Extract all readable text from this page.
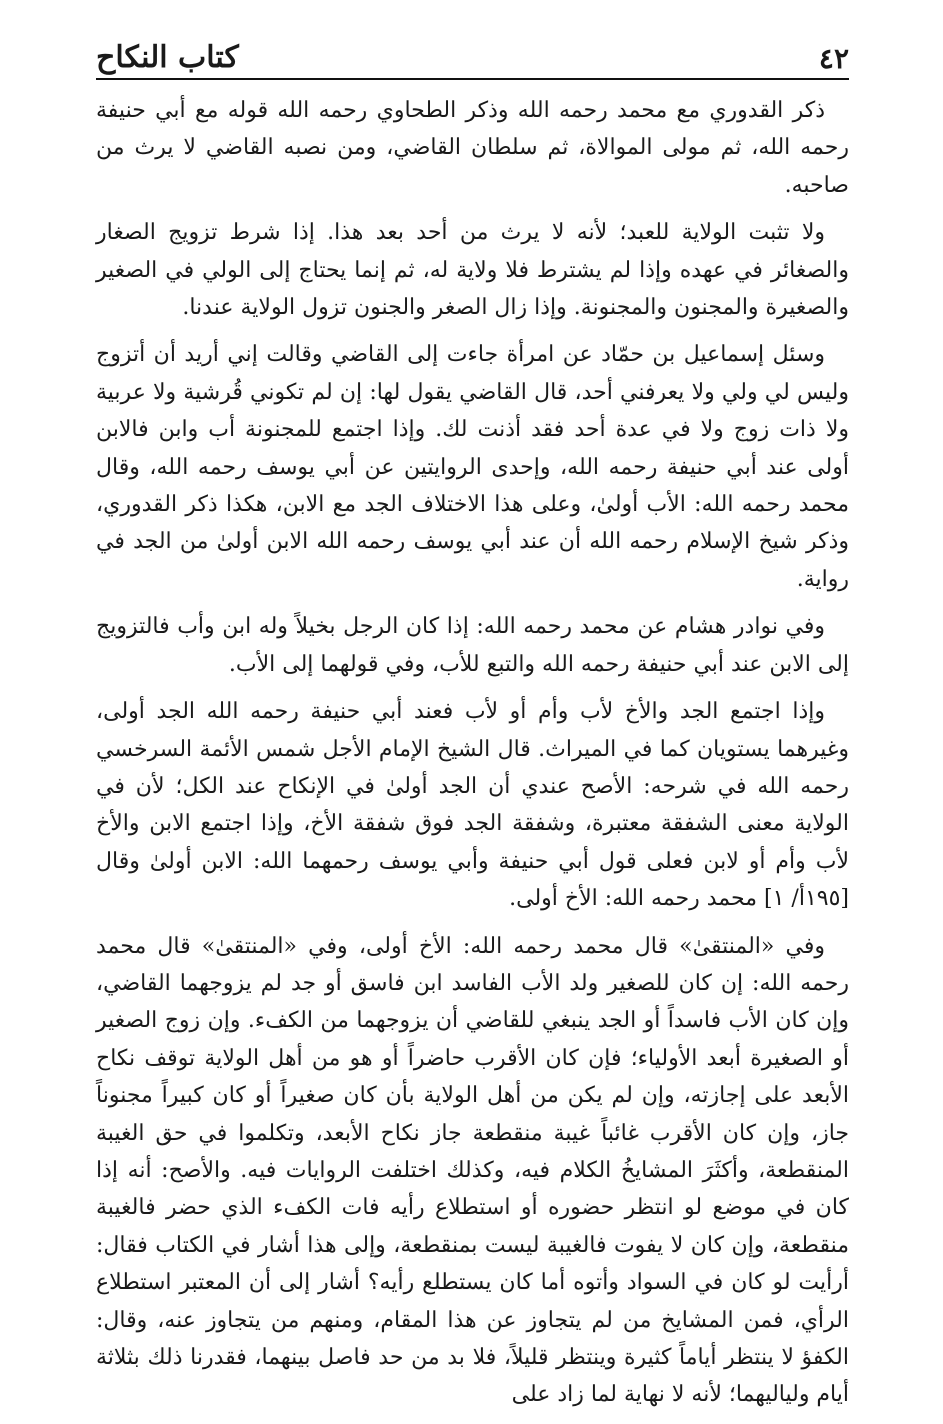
٤٢
كتاب النكاح

ذكر القدوري مع محمد رحمه الله وذكر الطحاوي رحمه الله قوله مع أبي حنيفة رحمه الله، ثم مولى الموالاة، ثم سلطان القاضي، ومن نصبه القاضي لا يرث من صاحبه.

ولا تثبت الولاية للعبد؛ لأنه لا يرث من أحد بعد هذا. إذا شرط تزويج الصغار والصغائر في عهده وإذا لم يشترط فلا ولاية له، ثم إنما يحتاج إلى الولي في الصغير والصغيرة والمجنون والمجنونة. وإذا زال الصغر والجنون تزول الولاية عندنا.

وسئل إسماعيل بن حمّاد عن امرأة جاءت إلى القاضي وقالت إني أريد أن أتزوج وليس لي ولي ولا يعرفني أحد، قال القاضي يقول لها: إن لم تكوني قُرشية ولا عربية ولا ذات زوج ولا في عدة أحد فقد أذنت لك. وإذا اجتمع للمجنونة أب وابن فالابن أولى عند أبي حنيفة رحمه الله، وإحدى الروايتين عن أبي يوسف رحمه الله، وقال محمد رحمه الله: الأب أولىٰ، وعلى هذا الاختلاف الجد مع الابن، هكذا ذكر القدوري، وذكر شيخ الإسلام رحمه الله أن عند أبي يوسف رحمه الله الابن أولىٰ من الجد في رواية.

وفي نوادر هشام عن محمد رحمه الله: إذا كان الرجل بخيلاً وله ابن وأب فالتزويج إلى الابن عند أبي حنيفة رحمه الله والتبع للأب، وفي قولهما إلى الأب.

وإذا اجتمع الجد والأخ لأب وأم أو لأب فعند أبي حنيفة رحمه الله الجد أولى، وغيرهما يستويان كما في الميراث. قال الشيخ الإمام الأجل شمس الأئمة السرخسي رحمه الله في شرحه: الأصح عندي أن الجد أولىٰ في الإنكاح عند الكل؛ لأن في الولاية معنى الشفقة معتبرة، وشفقة الجد فوق شفقة الأخ، وإذا اجتمع الابن والأخ لأب وأم أو لابن فعلى قول أبي حنيفة وأبي يوسف رحمهما الله: الابن أولىٰ وقال [١٩٥أ/ ١] محمد رحمه الله: الأخ أولى.

وفي «المنتقىٰ» قال محمد رحمه الله: الأخ أولى، وفي «المنتقىٰ» قال محمد رحمه الله: إن كان للصغير ولد الأب الفاسد ابن فاسق أو جد لم يزوجهما القاضي، وإن كان الأب فاسداً أو الجد ينبغي للقاضي أن يزوجهما من الكفء. وإن زوج الصغير أو الصغيرة أبعد الأولياء؛ فإن كان الأقرب حاضراً أو هو من أهل الولاية توقف نكاح الأبعد على إجازته، وإن لم يكن من أهل الولاية بأن كان صغيراً أو كان كبيراً مجنوناً جاز، وإن كان الأقرب غائباً غيبة منقطعة جاز نكاح الأبعد، وتكلموا في حق الغيبة المنقطعة، وأكثَرَ المشايخُ الكلام فيه، وكذلك اختلفت الروايات فيه. والأصح: أنه إذا كان في موضع لو انتظر حضوره أو استطلاع رأيه فات الكفء الذي حضر فالغيبة منقطعة، وإن كان لا يفوت فالغيبة ليست بمنقطعة، وإلى هذا أشار في الكتاب فقال: أرأيت لو كان في السواد وأتوه أما كان يستطلع رأيه؟ أشار إلى أن المعتبر استطلاع الرأي، فمن المشايخ من لم يتجاوز عن هذا المقام، ومنهم من يتجاوز عنه، وقال: الكفؤ لا ينتظر أياماً كثيرة وينتظر قليلاً، فلا بد من حد فاصل بينهما، فقدرنا ذلك بثلاثة أيام ولياليهما؛ لأنه لا نهاية لما زاد على
